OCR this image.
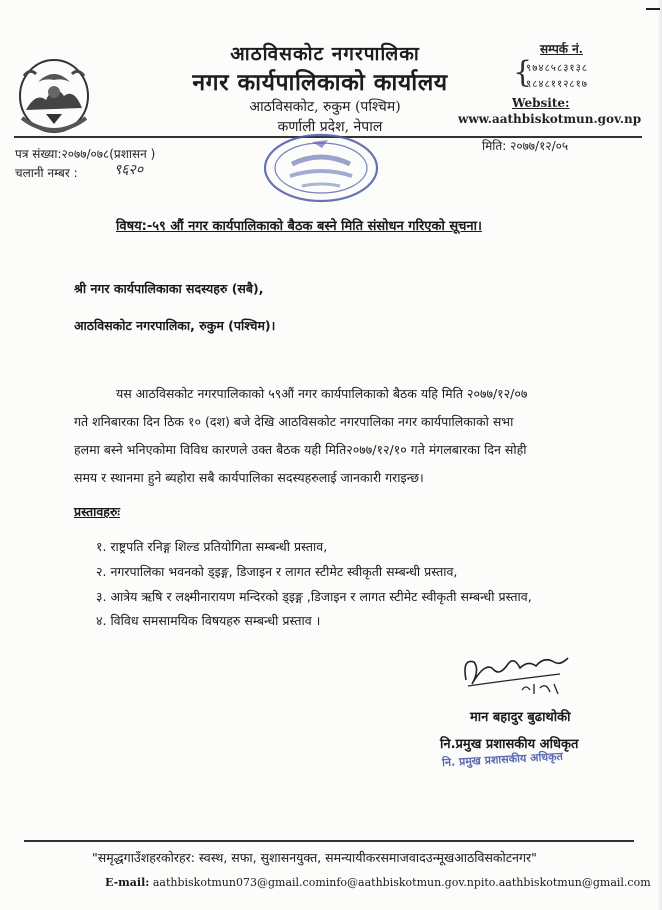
आठविसकोट नगरपालिका
नगर कार्यपालिकाको कार्यालय
आठविसकोट, रुकुम (पश्चिम)
कर्णाली प्रदेश, नेपाल
सम्पर्क नं.
{
९७४८५८३१३८
९८४८११२८१७
Website:
www.aathbiskotmun.gov.np
पत्र संख्या:२०७७/०७८(प्रशासन )
चलानी नम्बर :	९६२०
मिति: २०७७/१२/०५
विषय:-५९ औं नगर कार्यपालिकाको बैठक बस्ने मिति संसोधन गरिएको सूचना।
श्री नगर कार्यपालिकाका सदस्यहरु (सबै),
आठविसकोट नगरपालिका, रुकुम (पश्चिम)।
यस आठविसकोट नगरपालिकाको ५९औं नगर कार्यपालिकाको बैठक यहि मिति २०७७/१२/०७
गते शनिबारका दिन ठिक १० (दश) बजे देखि आठविसकोट नगरपालिका नगर कार्यपालिकाको सभा
हलमा बस्ने भनिएकोमा विविध कारणले उक्त बैठक यही मिति२०७७/१२/१० गते मंगलबारका दिन सोही
समय र स्थानमा हुने ब्यहोरा सबै कार्यपालिका सदस्यहरुलाई जानकारी गराइन्छ।
प्रस्तावहरुः
१. राष्ट्रपति रनिङ्ग शिल्ड प्रतियोगिता सम्बन्धी प्रस्ताव,
२. नगरपालिका भवनको ड्इङ्ग, डिजाइन र लागत स्टीमेट स्वीकृती सम्बन्धी प्रस्ताव,
३. आत्रेय ऋषि र लक्ष्मीनारायण मन्दिरको ड्इङ्ग ,डिजाइन र लागत स्टीमेट स्वीकृती सम्बन्धी प्रस्ताव,
४. विविध समसामयिक विषयहरु सम्बन्धी प्रस्ताव ।
मान बहादुर बुढाथोकी
नि.प्रमुख प्रशासकीय अधिकृत
नि. प्रमुख प्रशासकीय अधिकृत
"समृद्धगाउँशहरकोरहर: स्वस्थ, सफा, सुशासनयुक्त, समन्यायीकरसमाजवादउन्मूखआठविसकोटनगर"
E-mail: aathbiskotmun073@gmail.cominfo@aathbiskotmun.gov.npito.aathbiskotmun@gmail.com
